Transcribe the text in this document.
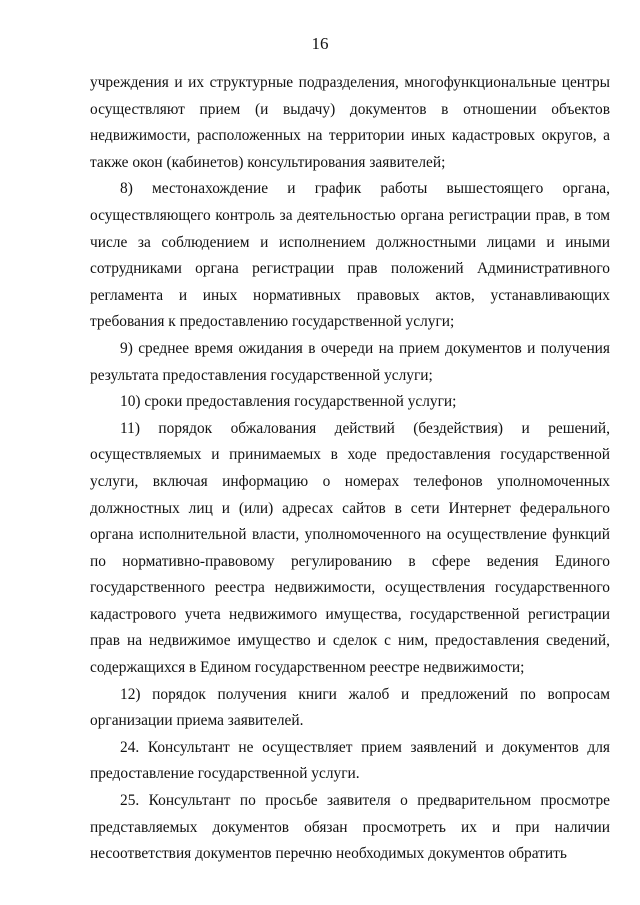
16

учреждения и их структурные подразделения, многофункциональные центры осуществляют прием (и выдачу) документов в отношении объектов недвижимости, расположенных на территории иных кадастровых округов, а также окон (кабинетов) консультирования заявителей;

8) местонахождение и график работы вышестоящего органа, осуществляющего контроль за деятельностью органа регистрации прав, в том числе за соблюдением и исполнением должностными лицами и иными сотрудниками органа регистрации прав положений Административного регламента и иных нормативных правовых актов, устанавливающих требования к предоставлению государственной услуги;

9) среднее время ожидания в очереди на прием документов и получения результата предоставления государственной услуги;

10) сроки предоставления государственной услуги;

11) порядок обжалования действий (бездействия) и решений, осуществляемых и принимаемых в ходе предоставления государственной услуги, включая информацию о номерах телефонов уполномоченных должностных лиц и (или) адресах сайтов в сети Интернет федерального органа исполнительной власти, уполномоченного на осуществление функций по нормативно-правовому регулированию в сфере ведения Единого государственного реестра недвижимости, осуществления государственного кадастрового учета недвижимого имущества, государственной регистрации прав на недвижимое имущество и сделок с ним, предоставления сведений, содержащихся в Едином государственном реестре недвижимости;

12) порядок получения книги жалоб и предложений по вопросам организации приема заявителей.

24. Консультант не осуществляет прием заявлений и документов для предоставление государственной услуги.

25. Консультант по просьбе заявителя о предварительном просмотре представляемых документов обязан просмотреть их и при наличии несоответствия документов перечню необходимых документов обратить
